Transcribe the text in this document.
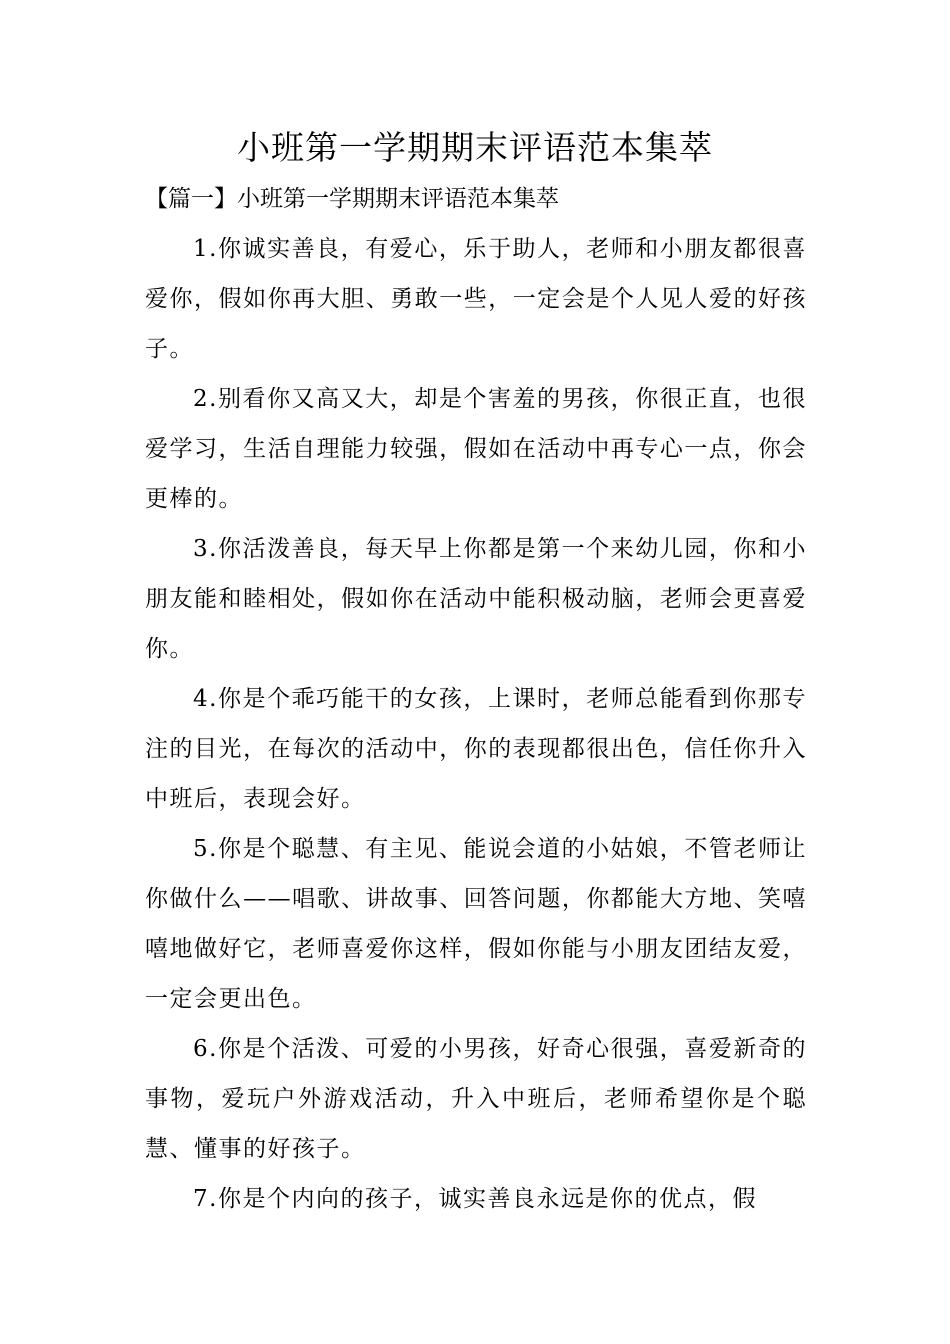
小班第一学期期末评语范本集萃
【篇一】小班第一学期期末评语范本集萃

1.你诚实善良，有爱心，乐于助人，老师和小朋友都很喜爱你，假如你再大胆、勇敢一些，一定会是个人见人爱的好孩子。

2.别看你又高又大，却是个害羞的男孩，你很正直，也很爱学习，生活自理能力较强，假如在活动中再专心一点，你会更棒的。

3.你活泼善良，每天早上你都是第一个来幼儿园，你和小朋友能和睦相处，假如你在活动中能积极动脑，老师会更喜爱你。

4.你是个乖巧能干的女孩，上课时，老师总能看到你那专注的目光，在每次的活动中，你的表现都很出色，信任你升入中班后，表现会好。

5.你是个聪慧、有主见、能说会道的小姑娘，不管老师让你做什么——唱歌、讲故事、回答问题，你都能大方地、笑嘻嘻地做好它，老师喜爱你这样，假如你能与小朋友团结友爱，一定会更出色。

6.你是个活泼、可爱的小男孩，好奇心很强，喜爱新奇的事物，爱玩户外游戏活动，升入中班后，老师希望你是个聪慧、懂事的好孩子。

7.你是个内向的孩子，诚实善良永远是你的优点，假
